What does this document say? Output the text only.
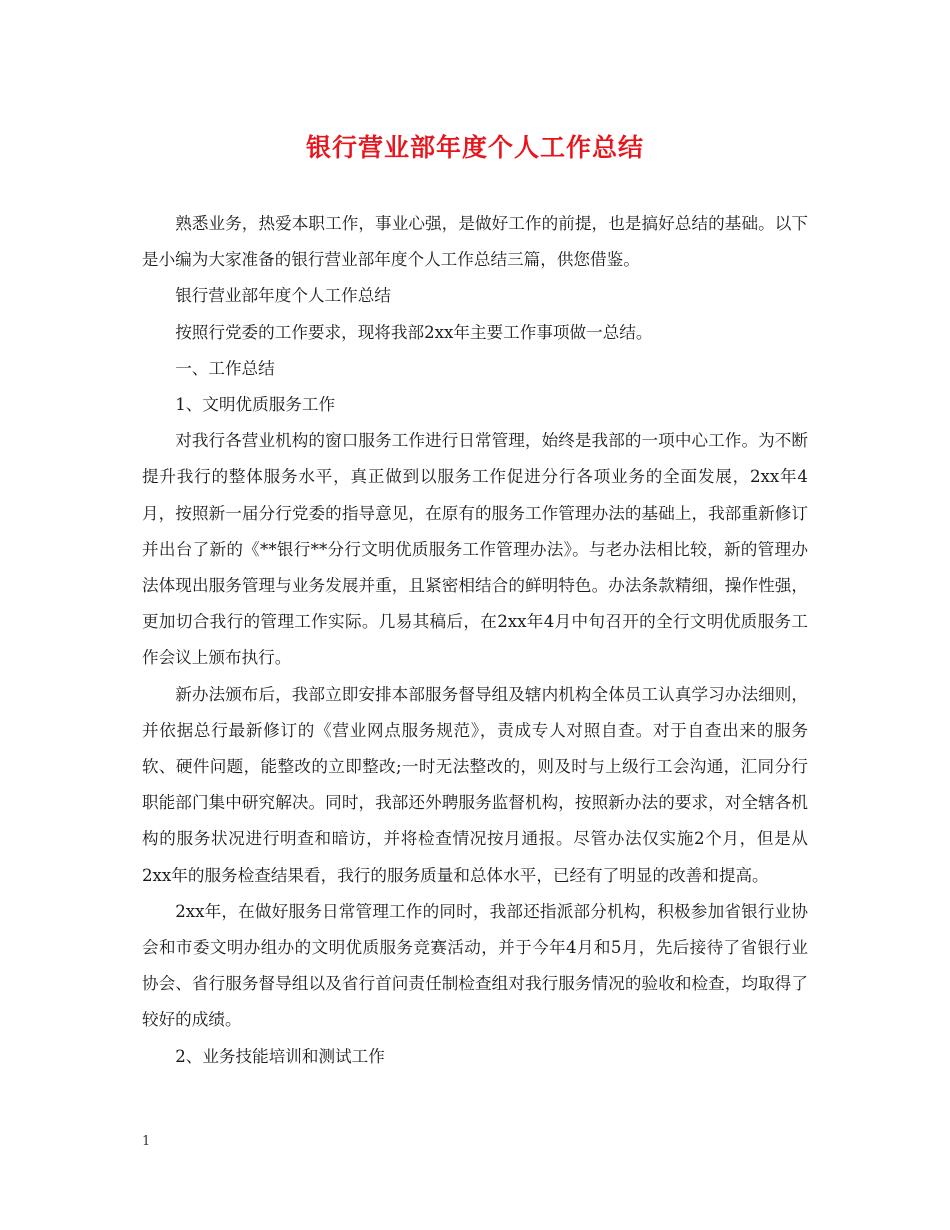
银行营业部年度个人工作总结

熟悉业务，热爱本职工作，事业心强，是做好工作的前提，也是搞好总结的基础。以下是小编为大家准备的银行营业部年度个人工作总结三篇，供您借鉴。

银行营业部年度个人工作总结

按照行党委的工作要求，现将我部2xx年主要工作事项做一总结。

一、工作总结

1、文明优质服务工作

对我行各营业机构的窗口服务工作进行日常管理，始终是我部的一项中心工作。为不断提升我行的整体服务水平，真正做到以服务工作促进分行各项业务的全面发展，2xx年4月，按照新一届分行党委的指导意见，在原有的服务工作管理办法的基础上，我部重新修订并出台了新的《**银行**分行文明优质服务工作管理办法》。与老办法相比较，新的管理办法体现出服务管理与业务发展并重，且紧密相结合的鲜明特色。办法条款精细，操作性强，更加切合我行的管理工作实际。几易其稿后，在2xx年4月中旬召开的全行文明优质服务工作会议上颁布执行。

新办法颁布后，我部立即安排本部服务督导组及辖内机构全体员工认真学习办法细则，并依据总行最新修订的《营业网点服务规范》，责成专人对照自查。对于自查出来的服务软、硬件问题，能整改的立即整改;一时无法整改的，则及时与上级行工会沟通，汇同分行职能部门集中研究解决。同时，我部还外聘服务监督机构，按照新办法的要求，对全辖各机构的服务状况进行明查和暗访，并将检查情况按月通报。尽管办法仅实施2个月，但是从2xx年的服务检查结果看，我行的服务质量和总体水平，已经有了明显的改善和提高。

2xx年，在做好服务日常管理工作的同时，我部还指派部分机构，积极参加省银行业协会和市委文明办组办的文明优质服务竞赛活动，并于今年4月和5月，先后接待了省银行业协会、省行服务督导组以及省行首问责任制检查组对我行服务情况的验收和检查，均取得了较好的成绩。

2、业务技能培训和测试工作

1
